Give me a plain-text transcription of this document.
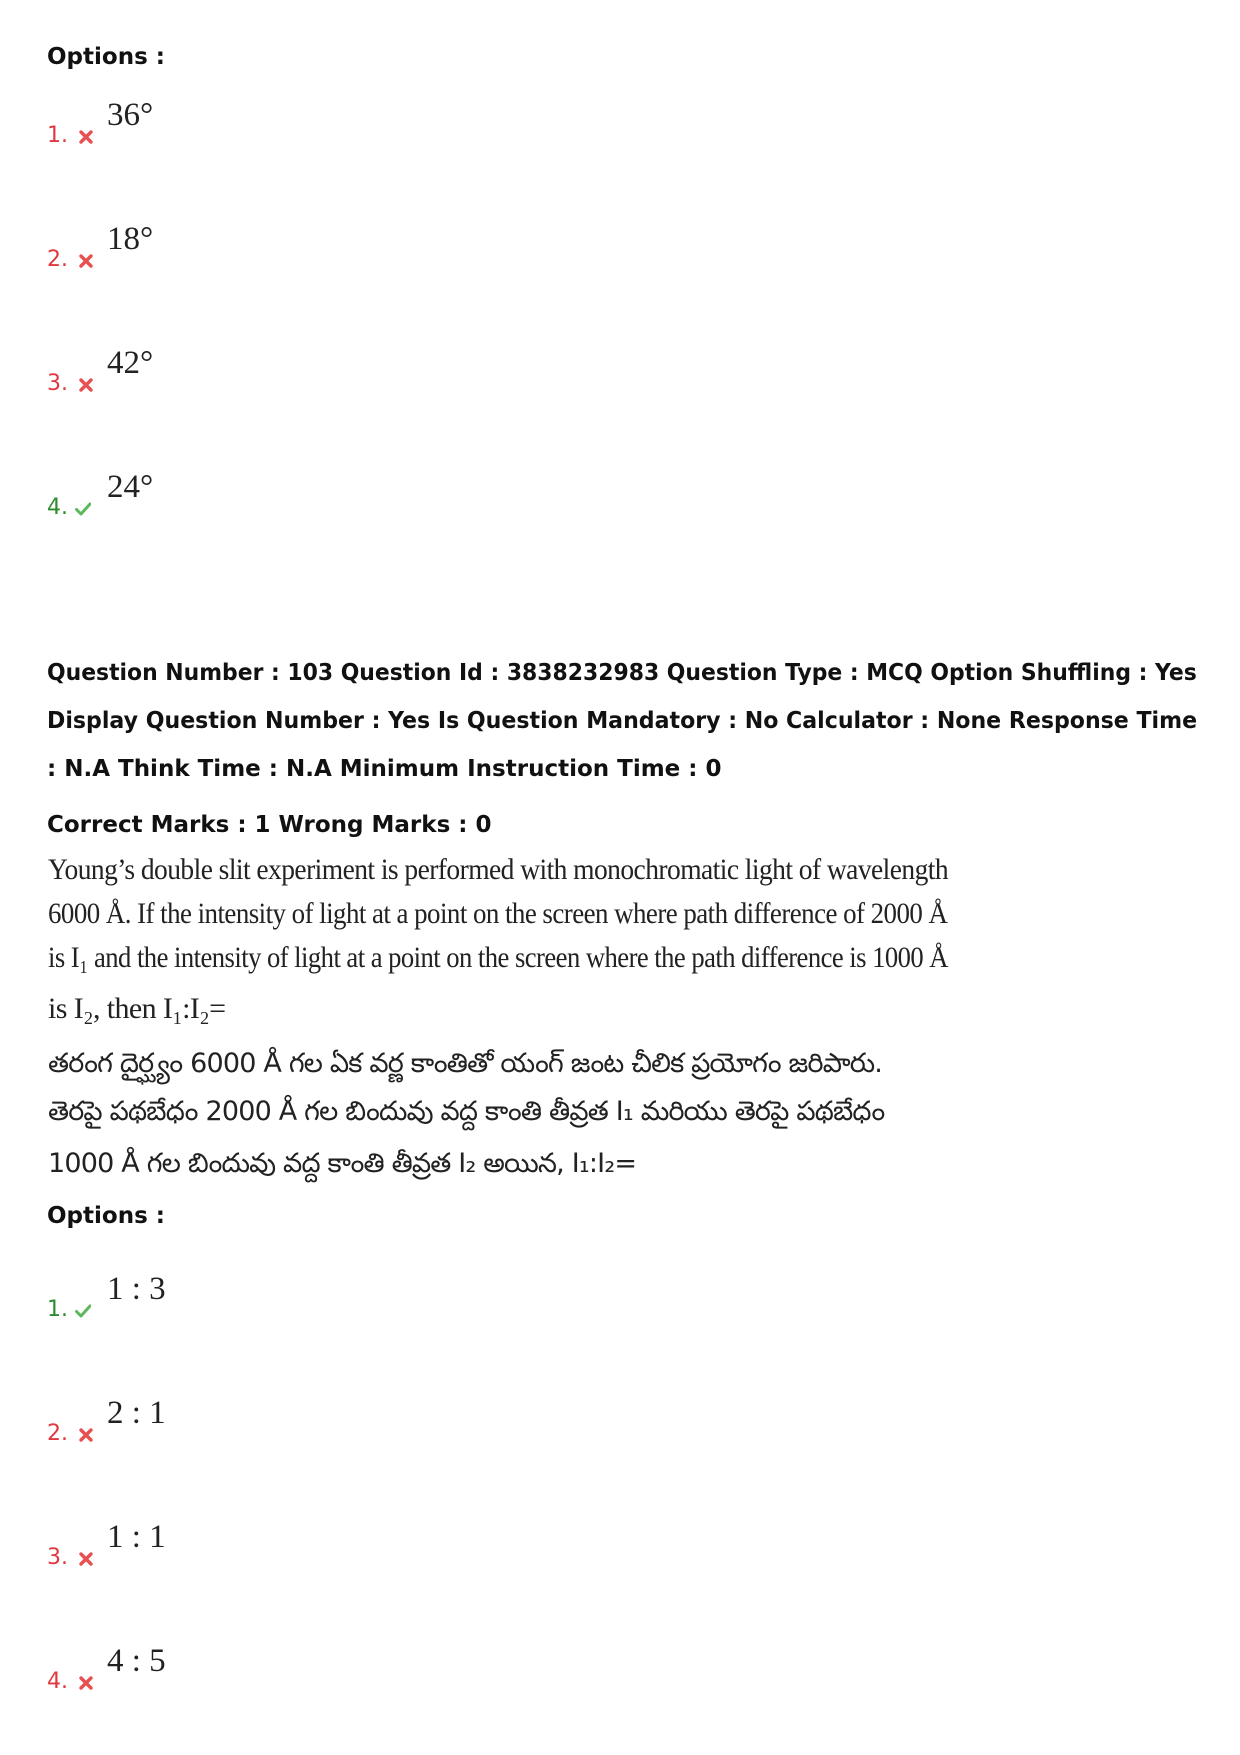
Options :
1.
36°
2.
18°
3.
42°
4.
24°
Question Number : 103 Question Id : 3838232983 Question Type : MCQ Option Shuffling : Yes
Display Question Number : Yes Is Question Mandatory : No Calculator : None Response Time
: N.A Think Time : N.A Minimum Instruction Time : 0
Correct Marks : 1 Wrong Marks : 0
Young’s double slit experiment is performed with monochromatic light of wavelength
6000 Å. If the intensity of light at a point on the screen where path difference of 2000 Å
is I₁ and the intensity of light at a point on the screen where the path difference is 1000 Å
is I₂, then I₁:I₂=
తరంగ దైర్ఘ్యం 6000 Å గల ఏక వర్ణ కాంతితో యంగ్ జంట చీలిక ప్రయోగం జరిపారు.
తెరపై పథబేధం 2000 Å గల బిందువు వద్ద కాంతి తీవ్రత I₁ మరియు తెరపై పథబేధం
1000 Å గల బిందువు వద్ద కాంతి తీవ్రత I₂ అయిన, I₁:I₂=
Options :
1.
1 : 3
2.
2 : 1
3.
1 : 1
4.
4 : 5
